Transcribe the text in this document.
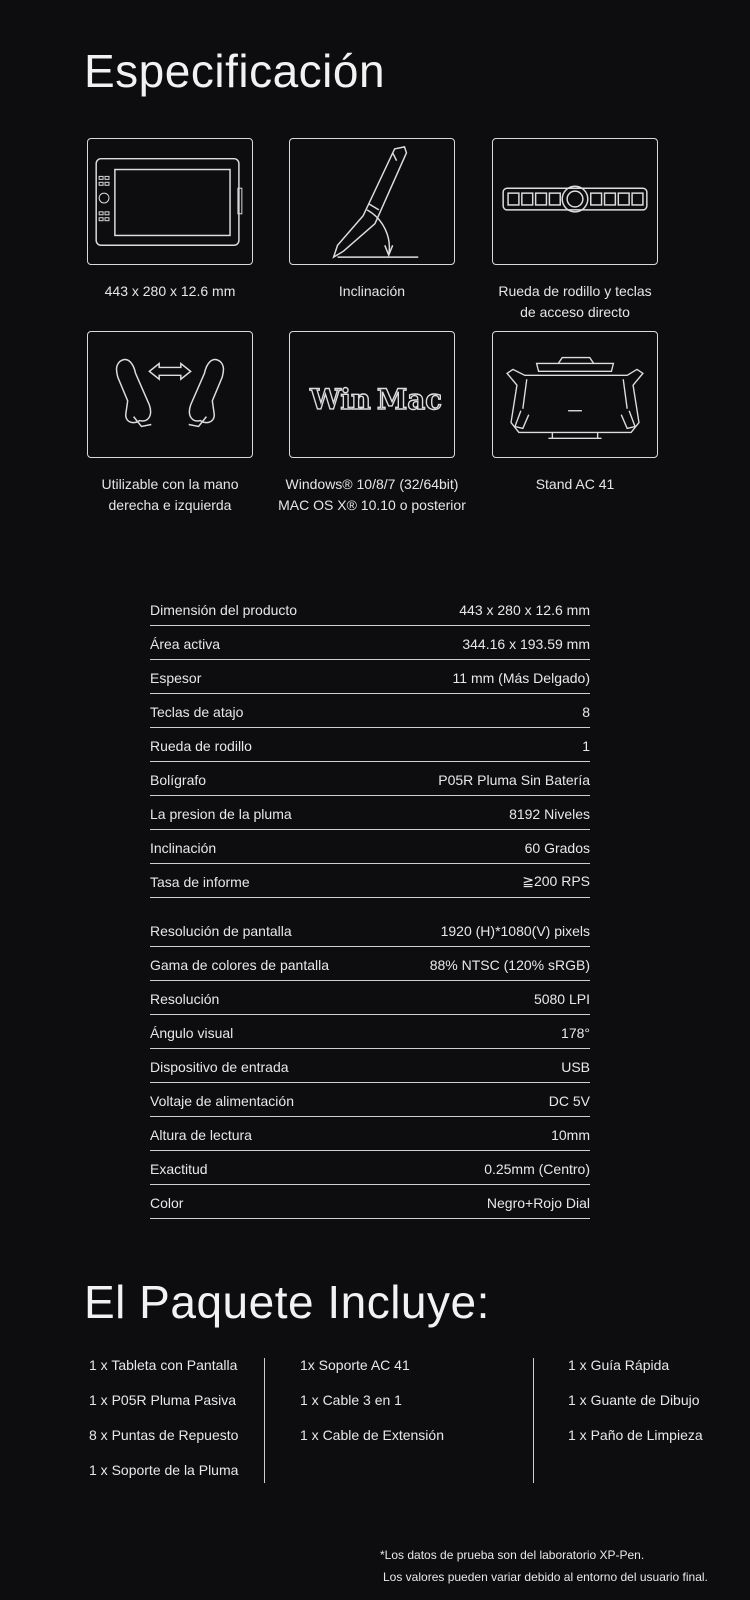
Especificación
443 x 280 x 12.6 mm	Inclinación	Rueda de rodillo y teclas
de acceso directo
Utilizable con la mano
derecha e izquierda
Win Mac
Windows® 10/8/7 (32/64bit)
MAC OS X® 10.10 o posterior
Stand AC 41
Dimensión del producto	443 x 280 x 12.6 mm
Área activa	344.16 x 193.59 mm
Espesor	11 mm (Más Delgado)
Teclas de atajo	8
Rueda de rodillo	1
Bolígrafo	P05R Pluma Sin Batería
La presion de la pluma	8192 Niveles
Inclinación	60 Grados
Tasa de informe	≧200 RPS
Resolución de pantalla	1920 (H)*1080(V) pixels
Gama de colores de pantalla	88% NTSC (120% sRGB)
Resolución	5080 LPI
Ángulo visual	178°
Dispositivo de entrada	USB
Voltaje de alimentación	DC 5V
Altura de lectura	10mm
Exactitud	0.25mm (Centro)
Color	Negro+Rojo Dial
El Paquete Incluye:
1 x Tableta con Pantalla
1 x P05R Pluma Pasiva
8 x Puntas de Repuesto
1 x Soporte de la Pluma
1x Soporte AC 41
1 x Cable 3 en 1
1 x Cable de Extensión
1 x Guía Rápida
1 x Guante de Dibujo
1 x Paño de Limpieza
*Los datos de prueba son del laboratorio XP-Pen.
Los valores pueden variar debido al entorno del usuario final.
